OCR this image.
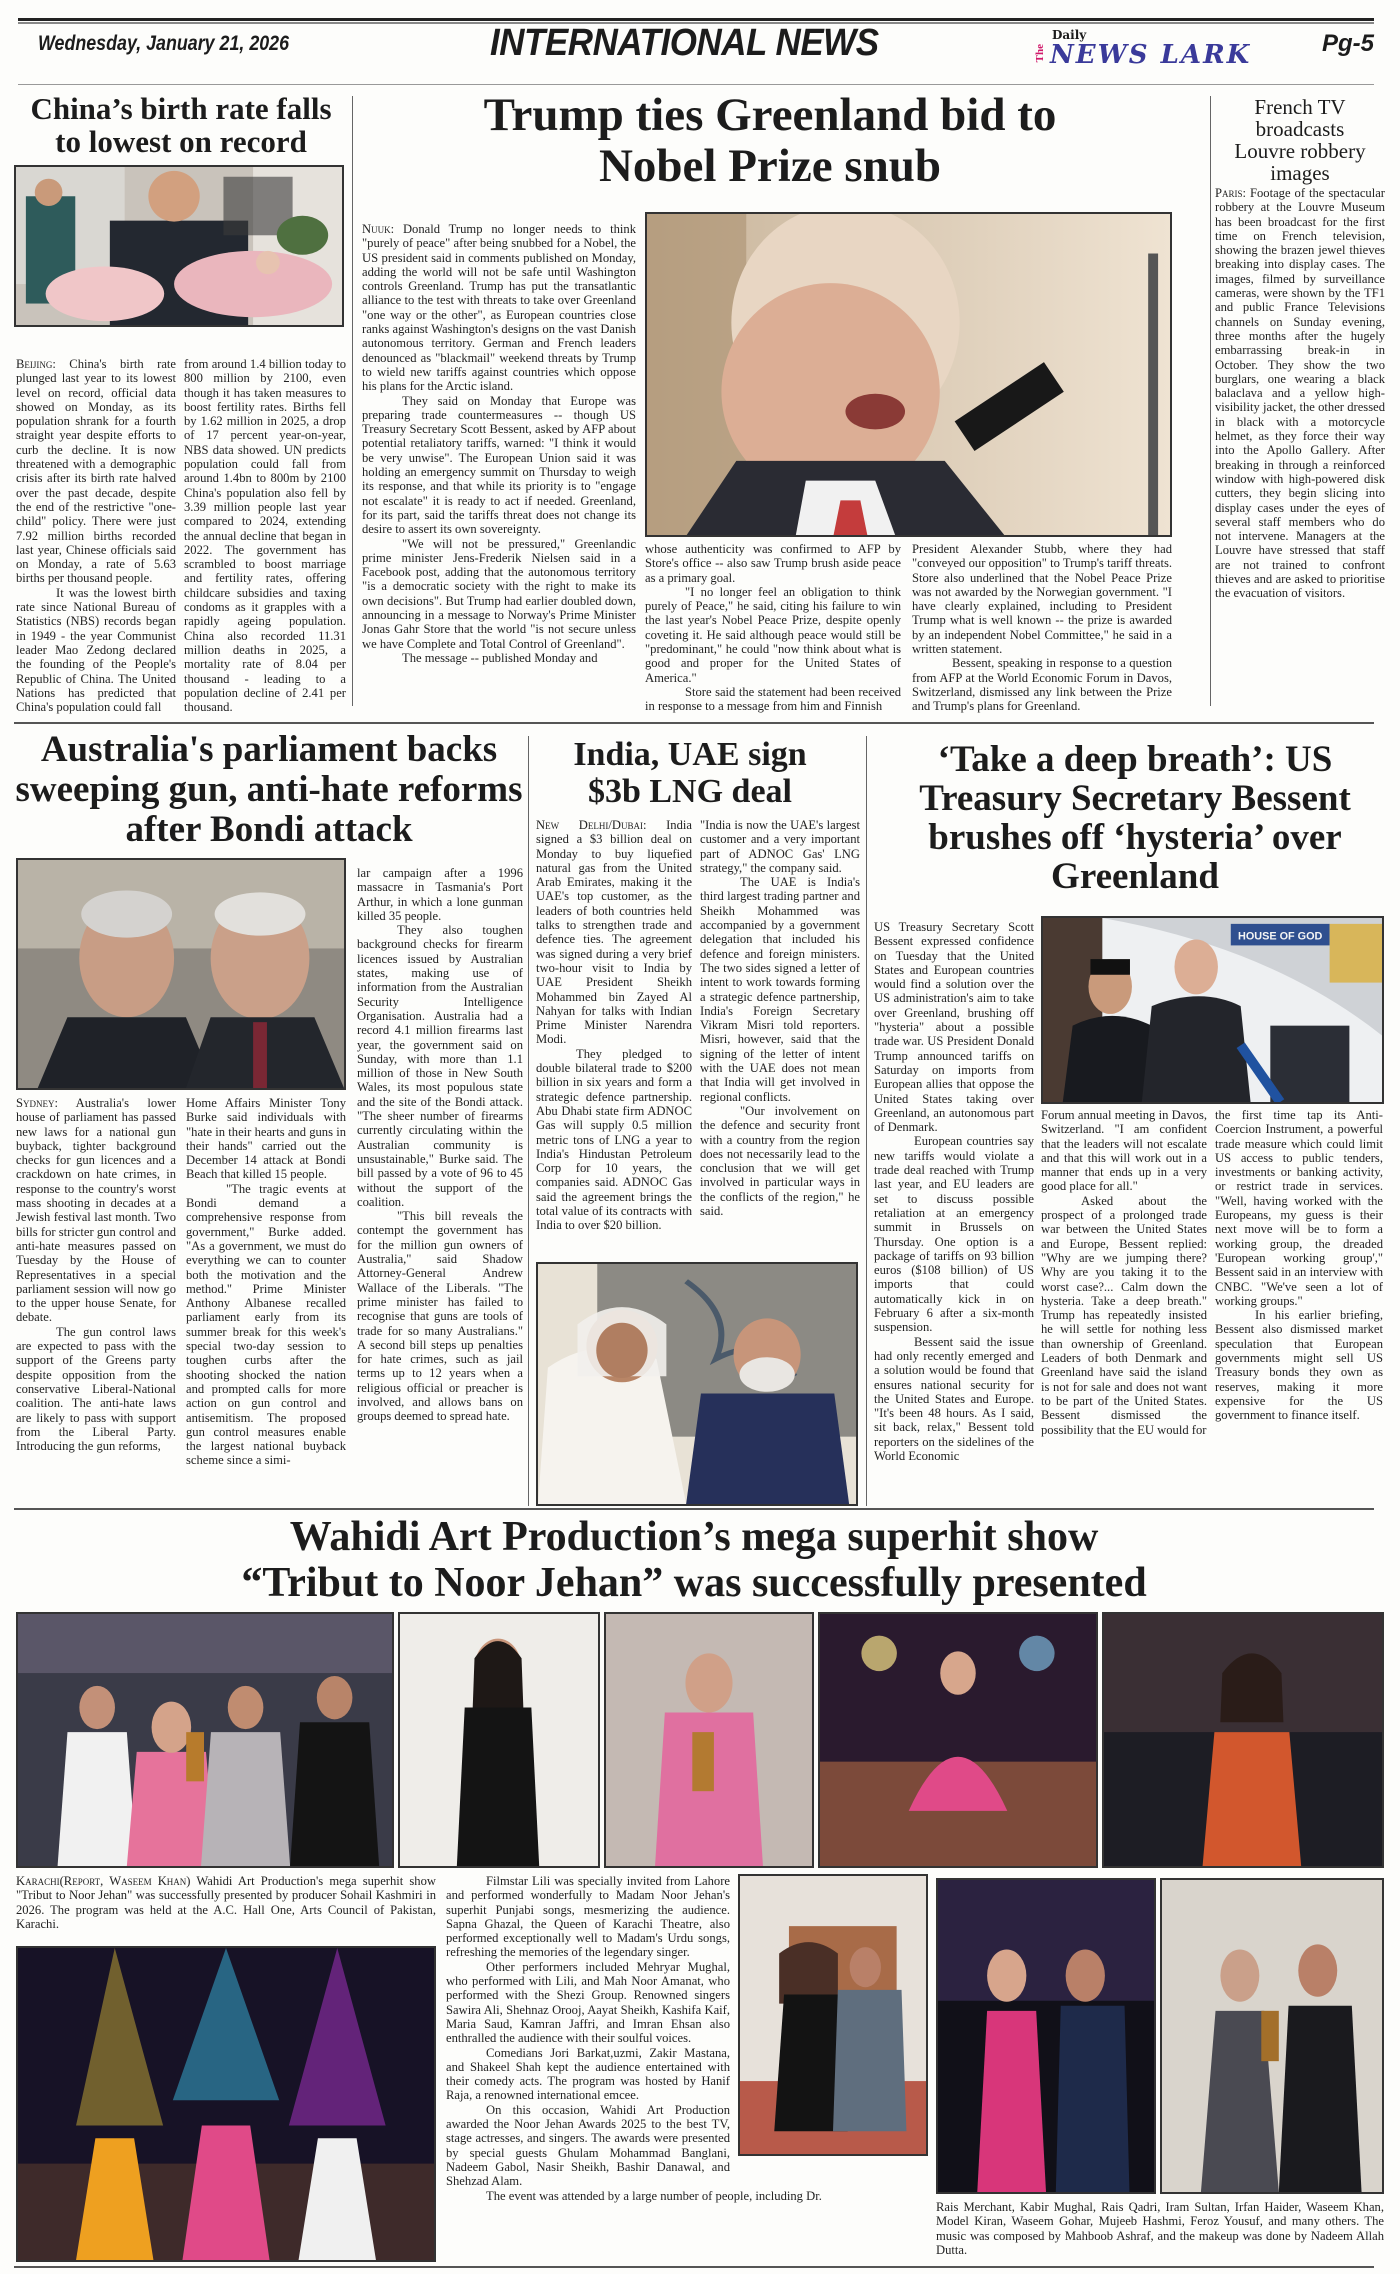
Wednesday, January 21, 2026	INTERNATIONAL NEWS	Daily
The NEWS LARK	Pg-5
China’s birth rate falls to lowest on record

Beijing: China's birth rate plunged last year to its lowest level on record, official data showed on Monday, as its population shrank for a fourth straight year despite efforts to curb the decline. It is now threatened with a demographic crisis after its birth rate halved over the past decade, despite the end of the restrictive "one-child" policy. There were just 7.92 million births recorded last year, Chinese officials said on Monday, a rate of 5.63 births per thousand people.

It was the lowest birth rate since National Bureau of Statistics (NBS) records began in 1949 - the year Communist leader Mao Zedong declared the founding of the People's Republic of China. The United Nations has predicted that China's population could fall

from around 1.4 billion today to 800 million by 2100, even though it has taken measures to boost fertility rates. Births fell by 1.62 million in 2025, a drop of 17 percent year-on-year, NBS data showed. UN predicts population could fall from around 1.4bn to 800m by 2100 China's population also fell by 3.39 million people last year compared to 2024, extending the annual decline that began in 2022. The government has scrambled to boost marriage and fertility rates, offering childcare subsidies and taxing condoms as it grapples with a rapidly ageing population. China also recorded 11.31 million deaths in 2025, a mortality rate of 8.04 per thousand - leading to a population decline of 2.41 per thousand.

Trump ties Greenland bid to Nobel Prize snub

Nuuk: Donald Trump no longer needs to think "purely of peace" after being snubbed for a Nobel, the US president said in comments published on Monday, adding the world will not be safe until Washington controls Greenland. Trump has put the transatlantic alliance to the test with threats to take over Greenland "one way or the other", as European countries close ranks against Washington's designs on the vast Danish autonomous territory. German and French leaders denounced as "blackmail" weekend threats by Trump to wield new tariffs against countries which oppose his plans for the Arctic island.

They said on Monday that Europe was preparing trade countermeasures -- though US Treasury Secretary Scott Bessent, asked by AFP about potential retaliatory tariffs, warned: "I think it would be very unwise". The European Union said it was holding an emergency summit on Thursday to weigh its response, and that while its priority is to "engage not escalate" it is ready to act if needed. Greenland, for its part, said the tariffs threat does not change its desire to assert its own sovereignty.

"We will not be pressured," Greenlandic prime minister Jens-Frederik Nielsen said in a Facebook post, adding that the autonomous territory "is a democratic society with the right to make its own decisions". But Trump had earlier doubled down, announcing in a message to Norway's Prime Minister Jonas Gahr Store that the world "is not secure unless we have Complete and Total Control of Greenland".

The message -- published Monday and

whose authenticity was confirmed to AFP by Store's office -- also saw Trump brush aside peace as a primary goal.

"I no longer feel an obligation to think purely of Peace," he said, citing his failure to win the last year's Nobel Peace Prize, despite openly coveting it. He said although peace would still be "predominant," he could "now think about what is good and proper for the United States of America."

Store said the statement had been received in response to a message from him and Finnish

President Alexander Stubb, where they had "conveyed our opposition" to Trump's tariff threats. Store also underlined that the Nobel Peace Prize was not awarded by the Norwegian government. "I have clearly explained, including to President Trump what is well known -- the prize is awarded by an independent Nobel Committee," he said in a written statement.

Bessent, speaking in response to a question from AFP at the World Economic Forum in Davos, Switzerland, dismissed any link between the Prize and Trump's plans for Greenland.

French TV broadcasts Louvre robbery images

Paris: Footage of the spectacular robbery at the Louvre Museum has been broadcast for the first time on French television, showing the brazen jewel thieves breaking into display cases. The images, filmed by surveillance cameras, were shown by the TF1 and public France Televisions channels on Sunday evening, three months after the hugely embarrassing break-in in October. They show the two burglars, one wearing a black balaclava and a yellow high-visibility jacket, the other dressed in black with a motorcycle helmet, as they force their way into the Apollo Gallery. After breaking in through a reinforced window with high-powered disk cutters, they begin slicing into display cases under the eyes of several staff members who do not intervene. Managers at the Louvre have stressed that staff are not trained to confront thieves and are asked to prioritise the evacuation of visitors.

Australia's parliament backs sweeping gun, anti-hate reforms after Bondi attack

Sydney: Australia's lower house of parliament has passed new laws for a national gun buyback, tighter background checks for gun licences and a crackdown on hate crimes, in response to the country's worst mass shooting in decades at a Jewish festival last month. Two bills for stricter gun control and anti-hate measures passed on Tuesday by the House of Representatives in a special parliament session will now go to the upper house Senate, for debate.

The gun control laws are expected to pass with the support of the Greens party despite opposition from the conservative Liberal-National coalition. The anti-hate laws are likely to pass with support from the Liberal Party. Introducing the gun reforms,

Home Affairs Minister Tony Burke said individuals with "hate in their hearts and guns in their hands" carried out the December 14 attack at Bondi Beach that killed 15 people.

"The tragic events at Bondi demand a comprehensive response from government," Burke added. "As a government, we must do everything we can to counter both the motivation and the method." Prime Minister Anthony Albanese recalled parliament early from its summer break for this week's special two-day session to toughen curbs after the shooting shocked the nation and prompted calls for more action on gun control and antisemitism. The proposed gun control measures enable the largest national buyback scheme since a simi-

lar campaign after a 1996 massacre in Tasmania's Port Arthur, in which a lone gunman killed 35 people.

They also toughen background checks for firearm licences issued by Australian states, making use of information from the Australian Security Intelligence Organisation. Australia had a record 4.1 million firearms last year, the government said on Sunday, with more than 1.1 million of those in New South Wales, its most populous state and the site of the Bondi attack. "The sheer number of firearms currently circulating within the Australian community is unsustainable," Burke said. The bill passed by a vote of 96 to 45 without the support of the coalition.

"This bill reveals the contempt the government has for the million gun owners of Australia," said Shadow Attorney-General Andrew Wallace of the Liberals. "The prime minister has failed to recognise that guns are tools of trade for so many Australians." A second bill steps up penalties for hate crimes, such as jail terms up to 12 years when a religious official or preacher is involved, and allows bans on groups deemed to spread hate.

India, UAE sign $3b LNG deal

New Delhi/Dubai: India signed a $3 billion deal on Monday to buy liquefied natural gas from the United Arab Emirates, making it the UAE's top customer, as the leaders of both countries held talks to strengthen trade and defence ties. The agreement was signed during a very brief two-hour visit to India by UAE President Sheikh Mohammed bin Zayed Al Nahyan for talks with Indian Prime Minister Narendra Modi.

They pledged to double bilateral trade to $200 billion in six years and form a strategic defence partnership. Abu Dhabi state firm ADNOC Gas will supply 0.5 million metric tons of LNG a year to India's Hindustan Petroleum Corp for 10 years, the companies said. ADNOC Gas said the agreement brings the total value of its contracts with India to over $20 billion.

"India is now the UAE's largest customer and a very important part of ADNOC Gas' LNG strategy," the company said.

The UAE is India's third largest trading partner and Sheikh Mohammed was accompanied by a government delegation that included his defence and foreign ministers. The two sides signed a letter of intent to work towards forming a strategic defence partnership, India's Foreign Secretary Vikram Misri told reporters. Misri, however, said that the signing of the letter of intent with the UAE does not mean that India will get involved in regional conflicts.

"Our involvement on the defence and security front with a country from the region does not necessarily lead to the conclusion that we will get involved in particular ways in the conflicts of the region," he said.

‘Take a deep breath’: US Treasury Secretary Bessent brushes off ‘hysteria’ over Greenland

US Treasury Secretary Scott Bessent expressed confidence on Tuesday that the United States and European countries would find a solution over the US administration's aim to take over Greenland, brushing off "hysteria" about a possible trade war. US President Donald Trump announced tariffs on Saturday on imports from European allies that oppose the United States taking over Greenland, an autonomous part of Denmark.

European countries say new tariffs would violate a trade deal reached with Trump last year, and EU leaders are set to discuss possible retaliation at an emergency summit in Brussels on Thursday. One option is a package of tariffs on 93 billion euros ($108 billion) of US imports that could automatically kick in on February 6 after a six-month suspension.

Bessent said the issue had only recently emerged and a solution would be found that ensures national security for the United States and Europe. "It's been 48 hours. As I said, sit back, relax," Bessent told reporters on the sidelines of the World Economic

HOUSE OF GOD

Forum annual meeting in Davos, Switzerland. "I am confident that the leaders will not escalate and that this will work out in a manner that ends up in a very good place for all."

Asked about the prospect of a prolonged trade war between the United States and Europe, Bessent replied: "Why are we jumping there? Why are you taking it to the worst case?... Calm down the hysteria. Take a deep breath." Trump has repeatedly insisted he will settle for nothing less than ownership of Greenland. Leaders of both Denmark and Greenland have said the island is not for sale and does not want to be part of the United States. Bessent dismissed the possibility that the EU would for

the first time tap its Anti-Coercion Instrument, a powerful trade measure which could limit US access to public tenders, investments or banking activity, or restrict trade in services. "Well, having worked with the Europeans, my guess is their next move will be to form a working group, the dreaded 'European working group'," Bessent said in an interview with CNBC. "We've seen a lot of working groups."

In his earlier briefing, Bessent also dismissed market speculation that European governments might sell US Treasury bonds they own as reserves, making it more expensive for the US government to finance itself.

Wahidi Art Production’s mega superhit show
“Tribut to Noor Jehan” was successfully presented

Karachi(Report, Waseem Khan) Wahidi Art Production's mega superhit show "Tribut to Noor Jehan" was successfully presented by producer Sohail Kashmiri in 2026. The program was held at the A.C. Hall One, Arts Council of Pakistan, Karachi.

Filmstar Lili was specially invited from Lahore and performed wonderfully to Madam Noor Jehan's superhit Punjabi songs, mesmerizing the audience. Sapna Ghazal, the Queen of Karachi Theatre, also performed exceptionally well to Madam's Urdu songs, refreshing the memories of the legendary singer.

Other performers included Mehryar Mughal, who performed with Lili, and Mah Noor Amanat, who performed with the Shezi Group. Renowned singers Sawira Ali, Shehnaz Orooj, Aayat Sheikh, Kashifa Kaif, Maria Saud, Kamran Jaffri, and Imran Ehsan also enthralled the audience with their soulful voices.

Comedians Jori Barkat,uzmi, Zakir Mastana, and Shakeel Shah kept the audience entertained with their comedy acts. The program was hosted by Hanif Raja, a renowned international emcee.

On this occasion, Wahidi Art Production awarded the Noor Jehan Awards 2025 to the best TV, stage actresses, and singers. The awards were presented by special guests Ghulam Mohammad Banglani, Nadeem Gabol, Nasir Sheikh, Bashir Danawal, and Shehzad Alam.

The event was attended by a large number of people, including Dr.

Rais Merchant, Kabir Mughal, Rais Qadri, Iram Sultan, Irfan Haider, Waseem Khan, Model Kiran, Waseem Gohar, Mujeeb Hashmi, Feroz Yousuf, and many others. The music was composed by Mahboob Ashraf, and the makeup was done by Nadeem Allah Dutta.
